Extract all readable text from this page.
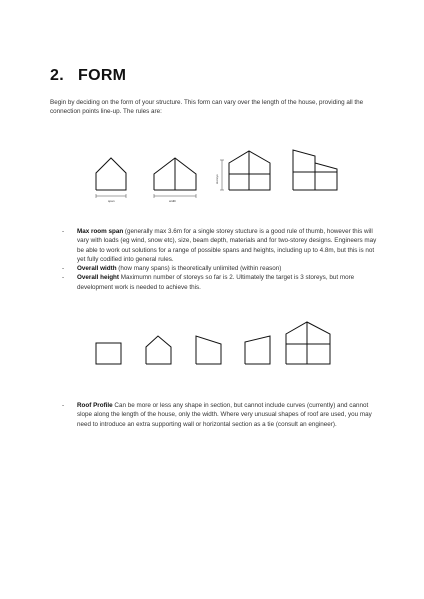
2. FORM
Begin by deciding on the form of your structure. This form can vary over the length of the house, providing all the connection points line-up. The rules are:
span	width
storeys
- Max room span (generally max 3.6m for a single storey stucture is a good rule of thumb, however this will vary with loads (eg wind, snow etc), size, beam depth, materials and for two-storey designs. Engineers may be able to work out solutions for a range of possible spans and heights, including up to 4.8m, but this is not yet fully codified into general rules.
- Overall width (how many spans) is theoretically unlimited (within reason)
- Overall height Maximumn number of storeys so far is 2. Ultimately the target is 3 storeys, but more development work is needed to achieve this.
- Roof Profile Can be more or less any shape in section, but cannot include curves (currently) and cannot slope along the length of the house, only the width. Where very unusual shapes of roof are used, you may need to introduce an extra supporting wall or horizontal section as a tie (consult an engineer).
